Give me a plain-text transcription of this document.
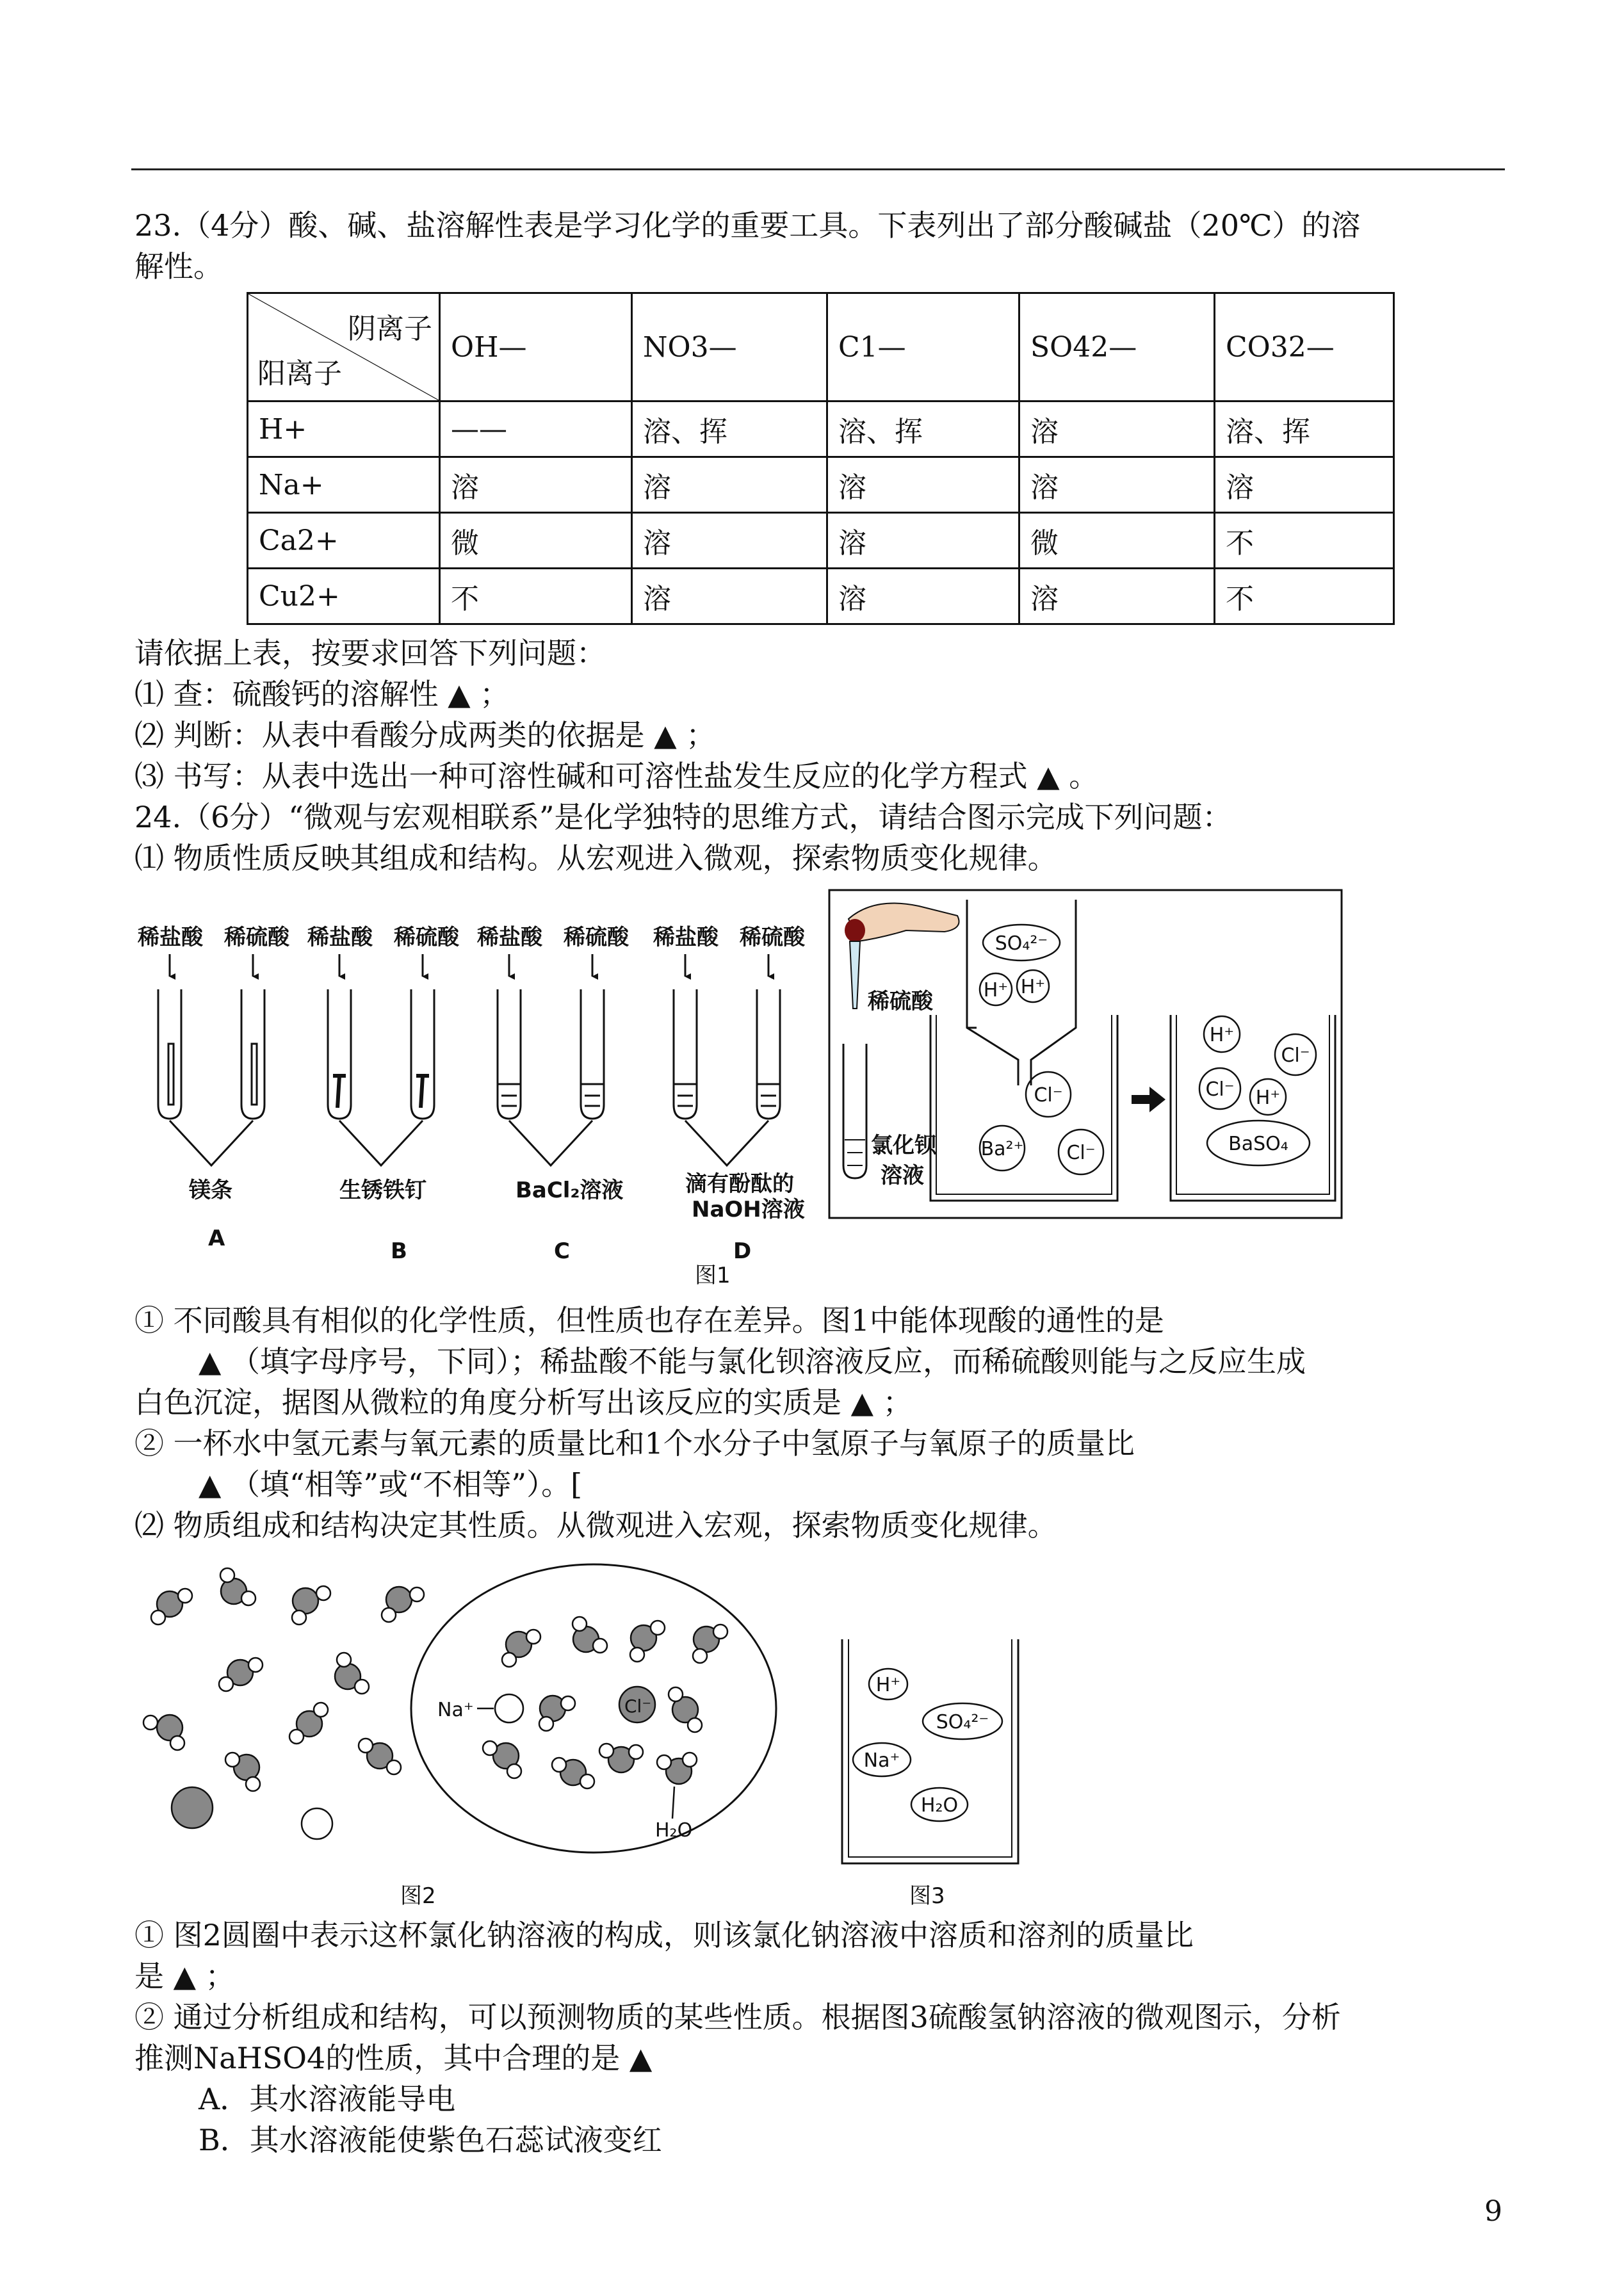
23.（4分）酸、碱、盐溶解性表是学习化学的重要工具。下表列出了部分酸碱盐（20℃）的溶
解性。
阴离子
阳离子	OH—	NO3—	C1—	SO42—	CO32—
H+	——	溶、挥	溶、挥	溶	溶、挥
Na+	溶	溶	溶	溶	溶
Ca2+	微	溶	溶	微	不
Cu2+	不	溶	溶	溶	不
请依据上表，按要求回答下列问题：
⑴ 查：硫酸钙的溶解性 ▲ ；
⑵ 判断：从表中看酸分成两类的依据是 ▲ ；
⑶ 书写：从表中选出一种可溶性碱和可溶性盐发生反应的化学方程式 ▲ 。
24.（6分）“微观与宏观相联系”是化学独特的思维方式，请结合图示完成下列问题：
⑴ 物质性质反映其组成和结构。从宏观进入微观，探索物质变化规律。
稀盐酸 稀硫酸 稀盐酸 稀硫酸 稀盐酸 稀硫酸 稀盐酸 稀硫酸
镁条	生锈铁钉	BaCl₂溶液	滴有酚酞的
NaOH溶液
A	B	C	D
稀硫酸
氯化钡
溶液
SO₄²⁻
H⁺ H⁺
Cl⁻
Ba²⁺ Cl⁻
H⁺
Cl⁻
Cl⁻ H⁺
BaSO₄
图1
① 不同酸具有相似的化学性质，但性质也存在差异。图1中能体现酸的通性的是
▲ （填字母序号，下同）；稀盐酸不能与氯化钡溶液反应，而稀硫酸则能与之反应生成
白色沉淀，据图从微粒的角度分析写出该反应的实质是 ▲ ；
② 一杯水中氢元素与氧元素的质量比和1个水分子中氢原子与氧原子的质量比
▲ （填“相等”或“不相等”）。[
⑵ 物质组成和结构决定其性质。从微观进入宏观，探索物质变化规律。
Na⁺	Cl⁻
H₂O
H⁺
SO₄²⁻
Na⁺
H₂O
图2	图3
① 图2圆圈中表示这杯氯化钠溶液的构成，则该氯化钠溶液中溶质和溶剂的质量比
是 ▲ ；
② 通过分析组成和结构，可以预测物质的某些性质。根据图3硫酸氢钠溶液的微观图示，分析
推测NaHSO4的性质，其中合理的是 ▲
A．其水溶液能导电
B．其水溶液能使紫色石蕊试液变红
9
